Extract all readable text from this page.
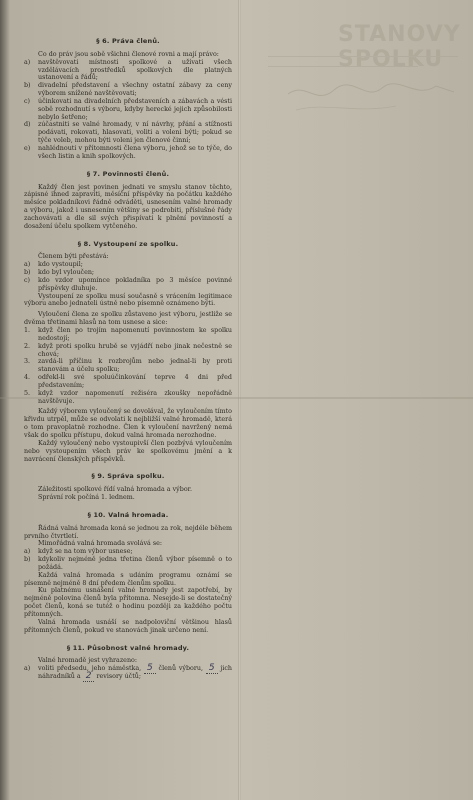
STANOVY SPOLKU
§ 6. Práva členů.

Co do práv jsou sobě všichni členové rovni a mají právo:

a)	navštěvovati místnosti spolkové a užívati všech vzdělávacích prostředků spolkových dle platných ustanovení a řádů;
b)	divadelní představení a všechny ostatní zábavy za ceny výborem snížené navštěvovati;
c)	účinkovati na divadelních představeních a zábavách a vésti sobě rozhodnutí s výboru, kdyby herecké jejich způsobilosti nebylo šetřeno;
d)	zúčastniti se valné hromady, v ní návrhy, přání a stížnosti podávati, rokovati, hlasovati, voliti a voleni býti; pokud se týče voleb, mohou býti voleni jen členové činní;
e)	nahlédnouti v přítomnosti člena výboru, jehož se to týče, do všech listin a knih spolkových.
§ 7. Povinnosti členů.

Každý člen jest povinen jednati ve smyslu stanov těchto, zápisné ihned zapraviti, měsíční příspěvky na počátku každého měsíce pokladníkovi řádně odváděti, usnesením valné hromady a výboru, jakož i usnesením většiny se podrobiti, příslušné řády zachovávati a dle sil svých přispívati k plnění povinností a dosažení účelu spolkem vytčeného.

§ 8. Vystoupení ze spolku.

Členem býti přestává:

a)	kdo vystoupil;
b)	kdo byl vyloučen;
c)	kdo vzdor upomínce pokladníka po 3 měsíce povinné příspěvky dluhuje.

Vystoupení ze spolku musí současně s vrácením legitimace výboru anebo jednateli ústně nebo písemně oznámeno býti.

Vyloučení člena ze spolku zůstaveno jest výboru, jestliže se dvěma třetinami hlasů na tom usnese a sice:

1.	když člen po trojím napomenutí povinnostem ke spolku nedostojí;
2.	když proti spolku hrubě se vyjádří nebo jinak nečestně se chová;
3.	zavdá-li příčinu k rozbrojům nebo jednal-li by proti stanovám a účelu spolku;
4.	odřekl-li své spoluúčinkování teprve 4 dni před představením;
5.	když vzdor napomenutí režiséra zkoušky nepořádně navštěvuje.

Každý výborem vyloučený se dovolával, že vyloučením tímto křivdu utrpěl, může se odvolati k nejbližší valné hromadě, která o tom pravoplatně rozhodne. Člen k vyloučení navržený nemá však do spolku přístupu, dokud valná hromada nerozhodne.

Každý vyloučený nebo vystoupivší člen pozbývá vyloučením nebo vystoupením všech práv ke spolkovému jmění a k navrácení členských příspěvků.

§ 9. Správa spolku.

Záležitosti spolkové řídí valná hromada a výbor.

Správní rok počíná 1. lednem.

§ 10. Valná hromada.

Řádná valná hromada koná se jednou za rok, nejdéle během prvního čtvrtletí.

Mimořádná valná hromada svolává se:

a)	když se na tom výbor usnese;
b)	kdykoliv nejméně jedna třetina členů výbor písemně o to požádá.

Každá valná hromada s udáním programu oznámí se písemně nejméně 8 dní předem členům spolku.

Ku platnému usnášení valné hromady jest zapotřebí, by nejméně polovina členů byla přítomna. Nesejde-li se dostatečný počet členů, koná se tutéž o hodinu později za každého počtu přítomných.

Valná hromada usnáší se nadpoloviční většinou hlasů přítomných členů, pokud ve stanovách jinak určeno není.

§ 11. Působnost valné hromady.

Valné hromadě jest vyhrazeno:

a)	voliti předsedu, jeho náměstka, 5 členů výboru, 5 jich náhradníků a 2 revisory účtů;
